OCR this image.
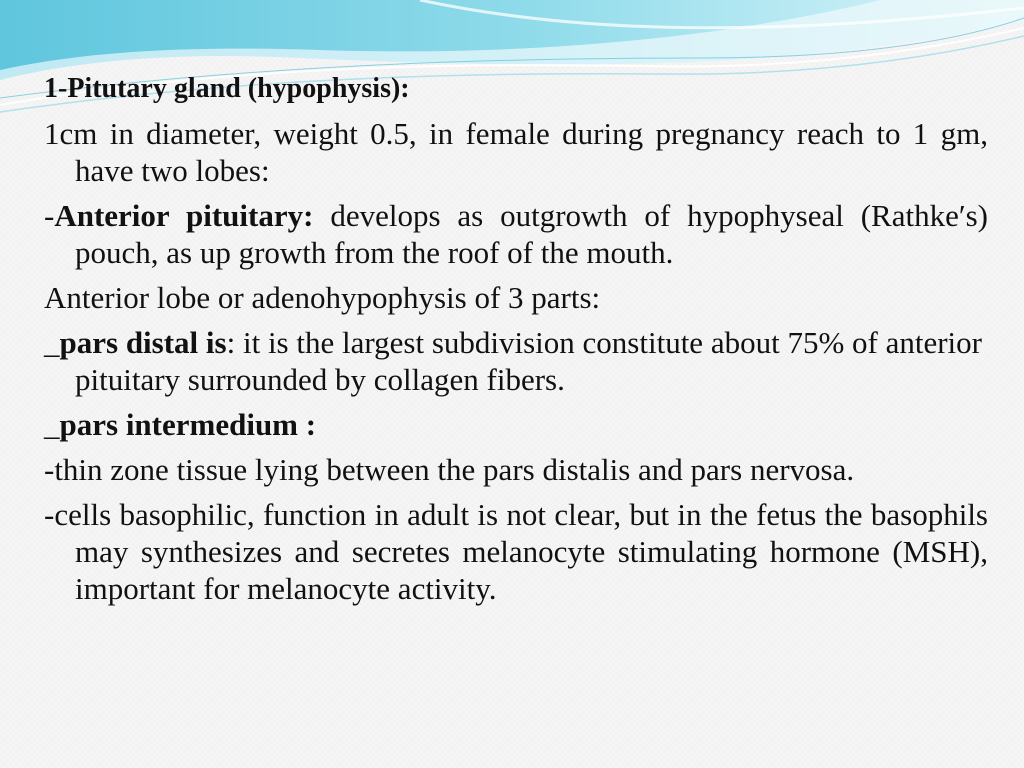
1-Pitutary gland (hypophysis):
1cm in diameter, weight 0.5, in female during pregnancy reach to 1 gm, have two lobes:
-Anterior pituitary: develops as outgrowth of hypophyseal (Rathke′s) pouch, as up growth from the roof of the mouth.
Anterior lobe or adenohypophysis of 3 parts:
_pars distal is: it is the largest subdivision constitute about 75% of anterior pituitary surrounded by collagen fibers.
_pars intermedium :
-thin zone tissue lying between the pars distalis and pars nervosa.
-cells basophilic, function in adult is not clear, but in the fetus the basophils may synthesizes and secretes melanocyte stimulating hormone (MSH), important for melanocyte activity.
